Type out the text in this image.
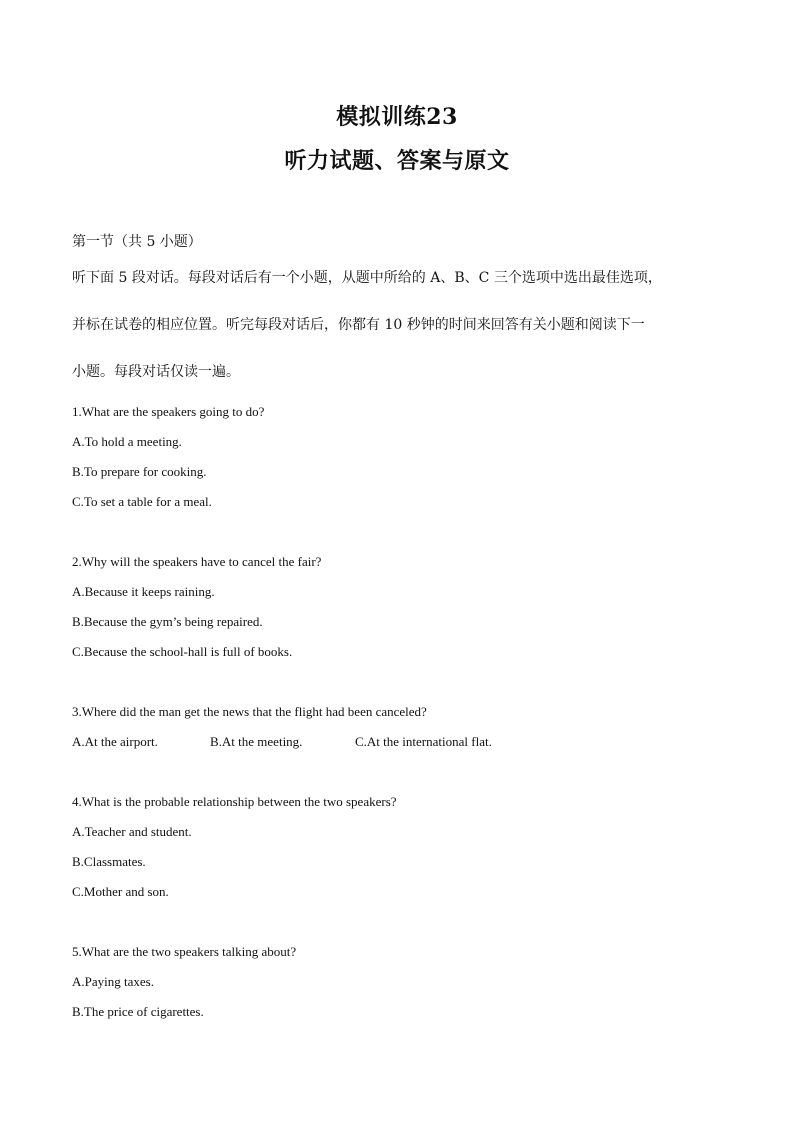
模拟训练23
听力试题、答案与原文
第一节（共 5 小题）
听下面 5 段对话。每段对话后有一个小题，从题中所给的 A、B、C 三个选项中选出最佳选项，
并标在试卷的相应位置。听完每段对话后，你都有 10 秒钟的时间来回答有关小题和阅读下一
小题。每段对话仅读一遍。
1.What are the speakers going to do?
A.To hold a meeting.
B.To prepare for cooking.
C.To set a table for a meal.
2.Why will the speakers have to cancel the fair?
A.Because it keeps raining.
B.Because the gym’s being repaired.
C.Because the school-hall is full of books.
3.Where did the man get the news that the flight had been canceled?
A.At the airport.	B.At the meeting.	C.At the international flat.
4.What is the probable relationship between the two speakers?
A.Teacher and student.
B.Classmates.
C.Mother and son.
5.What are the two speakers talking about?
A.Paying taxes.
B.The price of cigarettes.
